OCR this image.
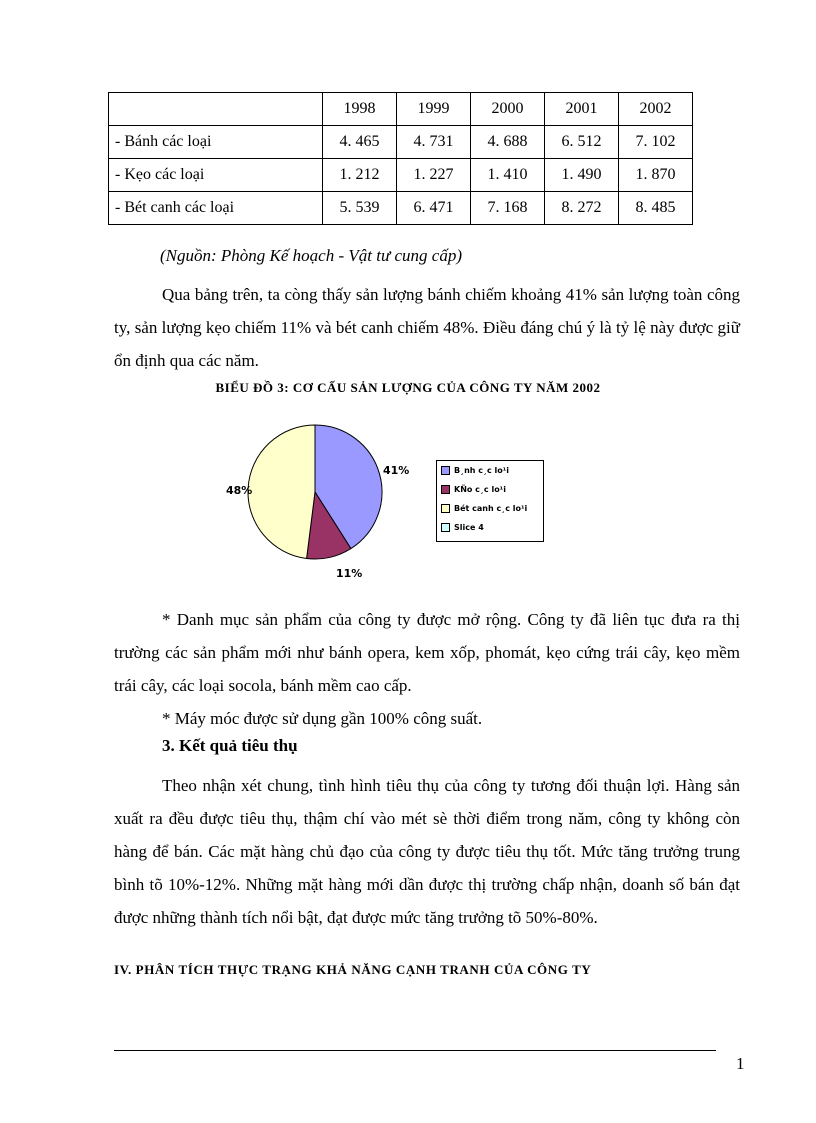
	1998	1999	2000	2001	2002
- Bánh các loại	4. 465	4. 731	4. 688	6. 512	7. 102
- Kẹo các loại	1. 212	1. 227	1. 410	1. 490	1. 870
- Bét canh các loại	5. 539	6. 471	7. 168	8. 272	8. 485
(Nguồn: Phòng Kế hoạch - Vật tư cung cấp)

Qua bảng trên, ta còng thấy sản lượng bánh chiếm khoảng 41% sản lượng toàn công ty, sản lượng kẹo chiếm 11% và bét canh chiếm 48%. Điều đáng chú ý là tỷ lệ này được giữ ổn định qua các năm.

BIỂU ĐỒ 3: CƠ CẤU SẢN LƯỢNG CỦA CÔNG TY NĂM 2002
41%
11%
48%
B¸nh c¸c lo¹i
KÑo c¸c lo¹i
Bét canh c¸c lo¹i
Slice 4

* Danh mục sản phẩm của công ty được mở rộng. Công ty đã liên tục đưa ra thị trường các sản phẩm mới như bánh opera, kem xốp, phomát, kẹo cứng trái cây, kẹo mềm trái cây, các loại socola, bánh mềm cao cấp.

* Máy móc được sử dụng gần 100% công suất.

3. Kết quả tiêu thụ

Theo nhận xét chung, tình hình tiêu thụ của công ty tương đối thuận lợi. Hàng sản xuất ra đều được tiêu thụ, thậm chí vào mét sè thời điểm trong năm, công ty không còn hàng để bán. Các mặt hàng chủ đạo của công ty được tiêu thụ tốt. Mức tăng trưởng trung bình tõ 10%-12%. Những mặt hàng mới dần được thị trường chấp nhận, doanh số bán đạt được những thành tích nổi bật, đạt được mức tăng trưởng tõ 50%-80%.

IV. PHÂN TÍCH THỰC TRẠNG KHẢ NĂNG CẠNH TRANH CỦA CÔNG TY
1
